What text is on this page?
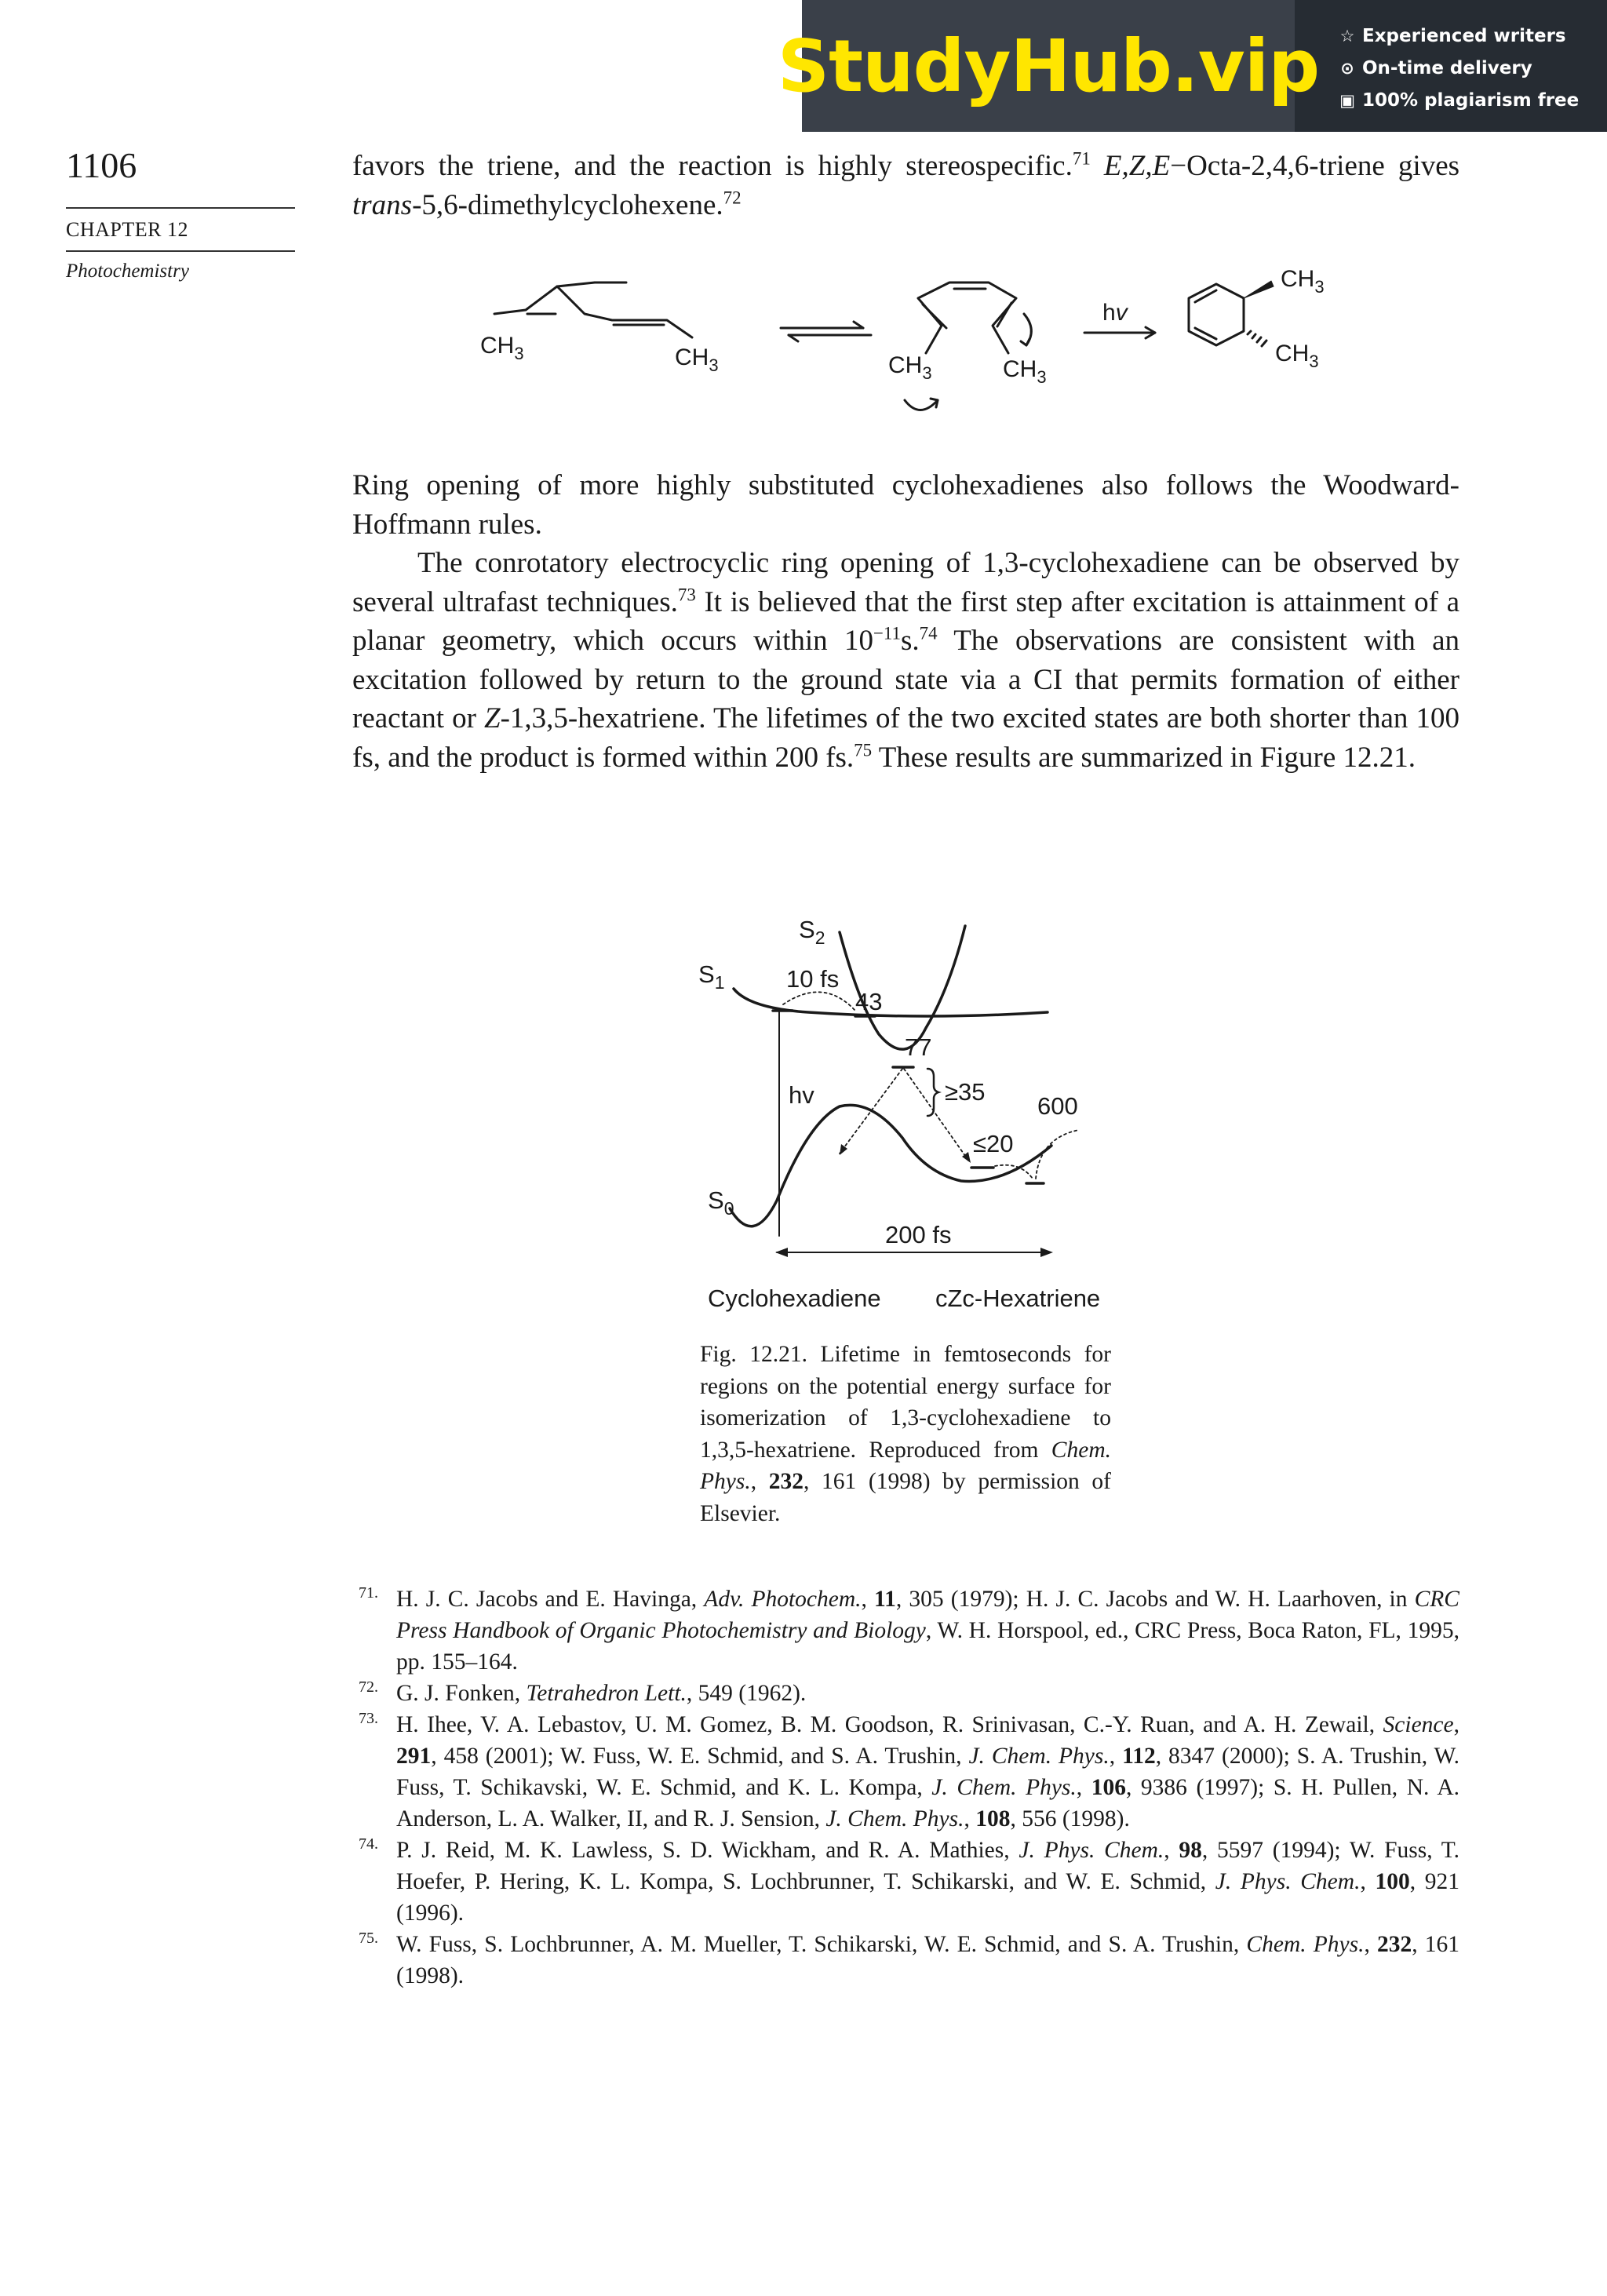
StudyHub.vip ☆ Experienced writers
⊙ On-time delivery
▣ 100% plagiarism free
1106
CHAPTER 12
Photochemistry

favors the triene, and the reaction is highly stereospecific.$^{71}$ E,Z,E−Octa-2,4,6-triene gives trans-5,6-dimethylcyclohexene.$^{72}$

$CH_3$	$CH_3$	$CH_3$	$CH_3$
hv
$CH_3$
$CH_3$

Ring opening of more highly substituted cyclohexadienes also follows the Woodward-Hoffmann rules.

The conrotatory electrocyclic ring opening of 1,3-cyclohexadiene can be observed by several ultrafast techniques.$^{73}$ It is believed that the first step after excitation is attainment of a planar geometry, which occurs within $10^{-11}s.^{74}$ The observations are consistent with an excitation followed by return to the ground state via a CI that permits formation of either reactant or Z-1,3,5-hexatriene. The lifetimes of the two excited states are both shorter than 100 fs, and the product is formed within 200 fs.$^{75}$ These results are summarized in Figure 12.21.

$S_2$
$S_1$	10 fs
43
77
≥35
600
≤20
hv
$S_0$
200 fs
Cyclohexadiene cZc-Hexatriene
Fig. 12.21. Lifetime in femtoseconds for regions on the potential energy surface for isomerization of 1,3-cyclohexadiene to 1,3,5-hexatriene. Reproduced from Chem. Phys., 232, 161 (1998) by permission of Elsevier.
71. H. J. C. Jacobs and E. Havinga, Adv. Photochem., 11, 305 (1979); H. J. C. Jacobs and W. H. Laarhoven, in CRC Press Handbook of Organic Photochemistry and Biology, W. H. Horspool, ed., CRC Press, Boca Raton, FL, 1995, pp. 155–164.
72. G. J. Fonken, Tetrahedron Lett., 549 (1962).
73. H. Ihee, V. A. Lebastov, U. M. Gomez, B. M. Goodson, R. Srinivasan, C.-Y. Ruan, and A. H. Zewail, Science, 291, 458 (2001); W. Fuss, W. E. Schmid, and S. A. Trushin, J. Chem. Phys., 112, 8347 (2000); S. A. Trushin, W. Fuss, T. Schikavski, W. E. Schmid, and K. L. Kompa, J. Chem. Phys., 106, 9386 (1997); S. H. Pullen, N. A. Anderson, L. A. Walker, II, and R. J. Sension, J. Chem. Phys., 108, 556 (1998).
74. P. J. Reid, M. K. Lawless, S. D. Wickham, and R. A. Mathies, J. Phys. Chem., 98, 5597 (1994); W. Fuss, T. Hoefer, P. Hering, K. L. Kompa, S. Lochbrunner, T. Schikarski, and W. E. Schmid, J. Phys. Chem., 100, 921 (1996).
75. W. Fuss, S. Lochbrunner, A. M. Mueller, T. Schikarski, W. E. Schmid, and S. A. Trushin, Chem. Phys., 232, 161 (1998).
